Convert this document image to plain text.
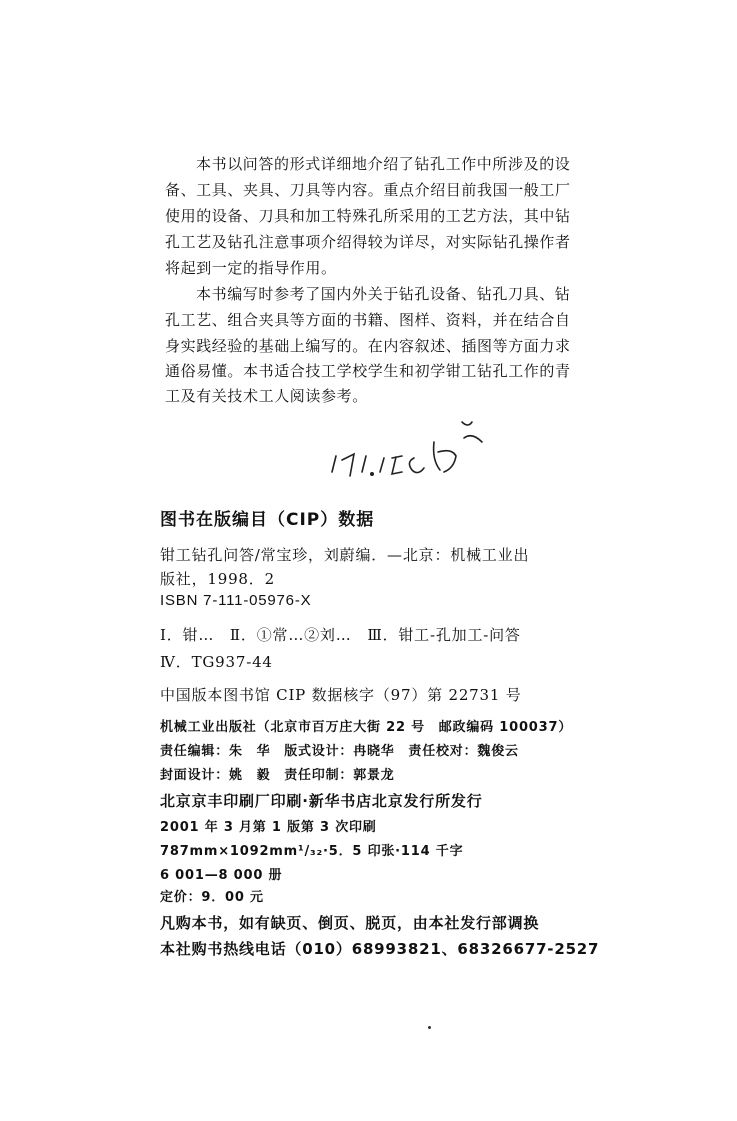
本书以问答的形式详细地介绍了钻孔工作中所涉及的设
备、工具、夹具、刀具等内容。重点介绍目前我国一般工厂
使用的设备、刀具和加工特殊孔所采用的工艺方法，其中钻
孔工艺及钻孔注意事项介绍得较为详尽，对实际钻孔操作者
将起到一定的指导作用。
本书编写时参考了国内外关于钻孔设备、钻孔刀具、钻
孔工艺、组合夹具等方面的书籍、图样、资料，并在结合自
身实践经验的基础上编写的。在内容叙述、插图等方面力求
通俗易懂。本书适合技工学校学生和初学钳工钻孔工作的青
工及有关技术工人阅读参考。
图书在版编目（CIP）数据
钳工钻孔问答/常宝珍，刘蔚编．—北京：机械工业出
版社，1998．2
ISBN 7-111-05976-X
Ⅰ．钳…　Ⅱ．①常…②刘…　Ⅲ．钳工-孔加工-问答
Ⅳ．TG937-44
中国版本图书馆 CIP 数据核字（97）第 22731 号
机械工业出版社（北京市百万庄大街 22 号　邮政编码 100037）
责任编辑：朱　华　版式设计：冉晓华　责任校对：魏俊云
封面设计：姚　毅　责任印制：郭景龙
北京京丰印刷厂印刷·新华书店北京发行所发行
2001 年 3 月第 1 版第 3 次印刷
787mm×1092mm¹/₃₂·5．5 印张·114 千字
6 001—8 000 册
定价：9．00 元
凡购本书，如有缺页、倒页、脱页，由本社发行部调换
本社购书热线电话（010）68993821、68326677-2527
